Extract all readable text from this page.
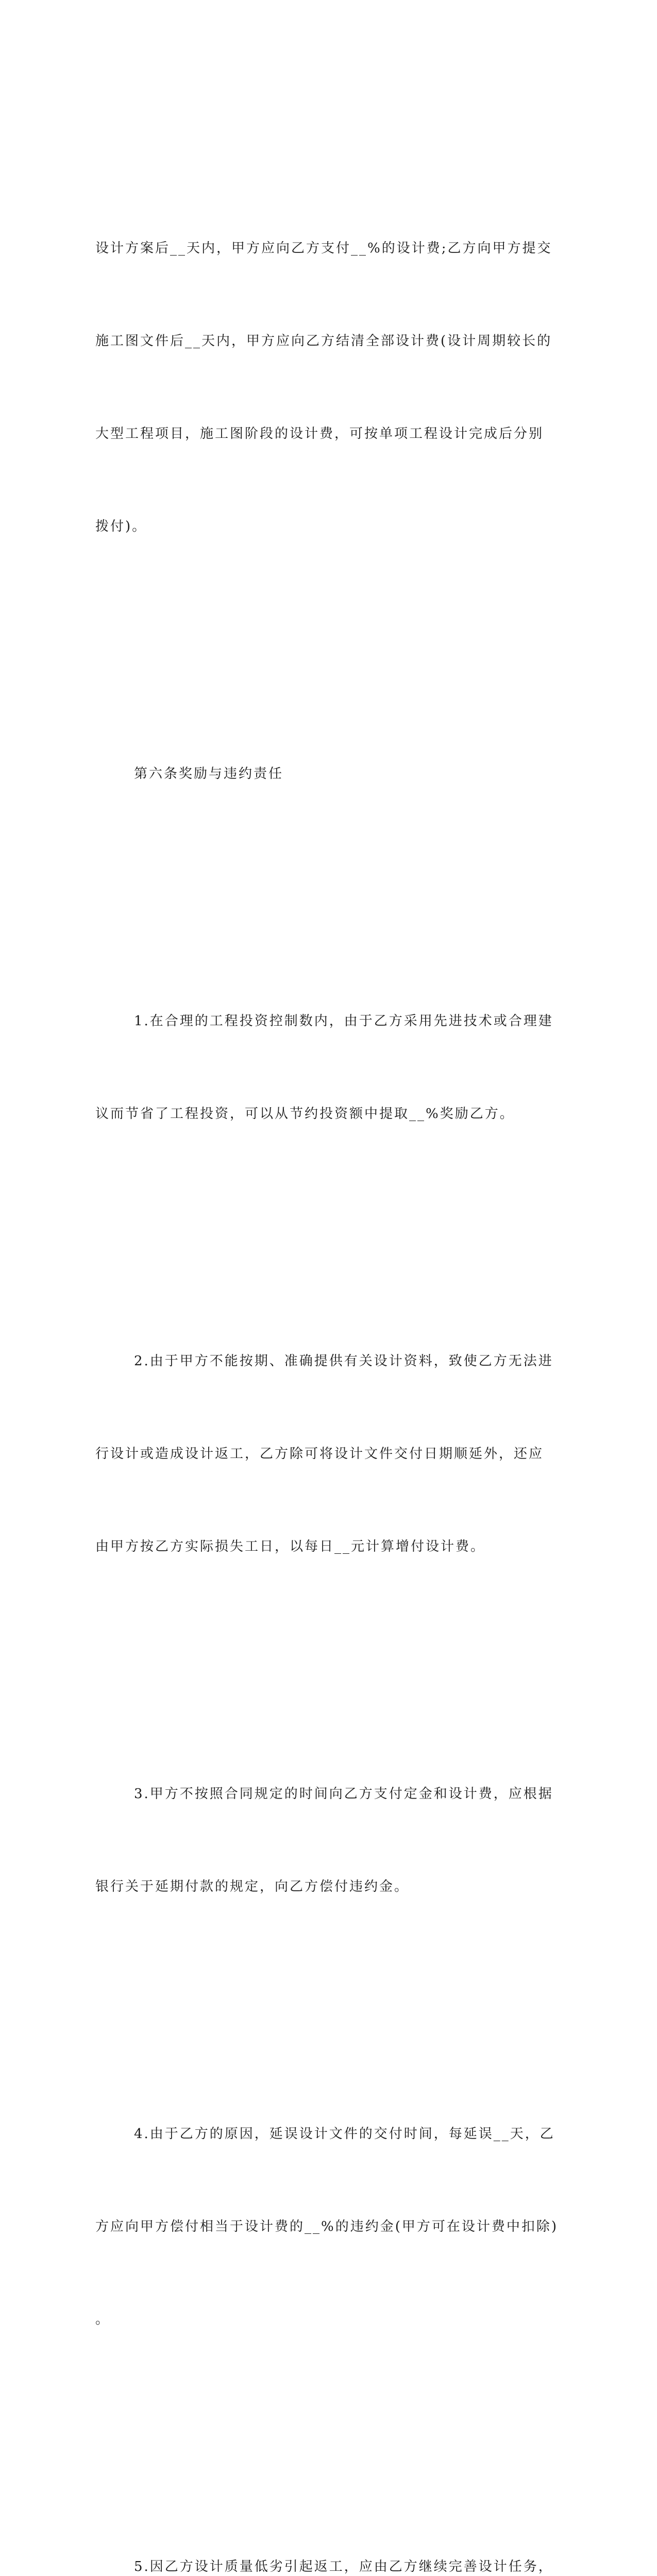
设计方案后__天内，甲方应向乙方支付__%的设计费;乙方向甲方提交

施工图文件后__天内，甲方应向乙方结清全部设计费(设计周期较长的

大型工程项目，施工图阶段的设计费，可按单项工程设计完成后分别

拨付)。

第六条奖励与违约责任

1.在合理的工程投资控制数内，由于乙方采用先进技术或合理建

议而节省了工程投资，可以从节约投资额中提取__%奖励乙方。

2.由于甲方不能按期、准确提供有关设计资料，致使乙方无法进

行设计或造成设计返工，乙方除可将设计文件交付日期顺延外，还应

由甲方按乙方实际损失工日，以每日__元计算增付设计费。

3.甲方不按照合同规定的时间向乙方支付定金和设计费，应根据

银行关于延期付款的规定，向乙方偿付违约金。

4.由于乙方的原因，延误设计文件的交付时间，每延误__天，乙

方应向甲方偿付相当于设计费的__%的违约金(甲方可在设计费中扣除)

。

5.因乙方设计质量低劣引起返工，应由乙方继续完善设计任务，
